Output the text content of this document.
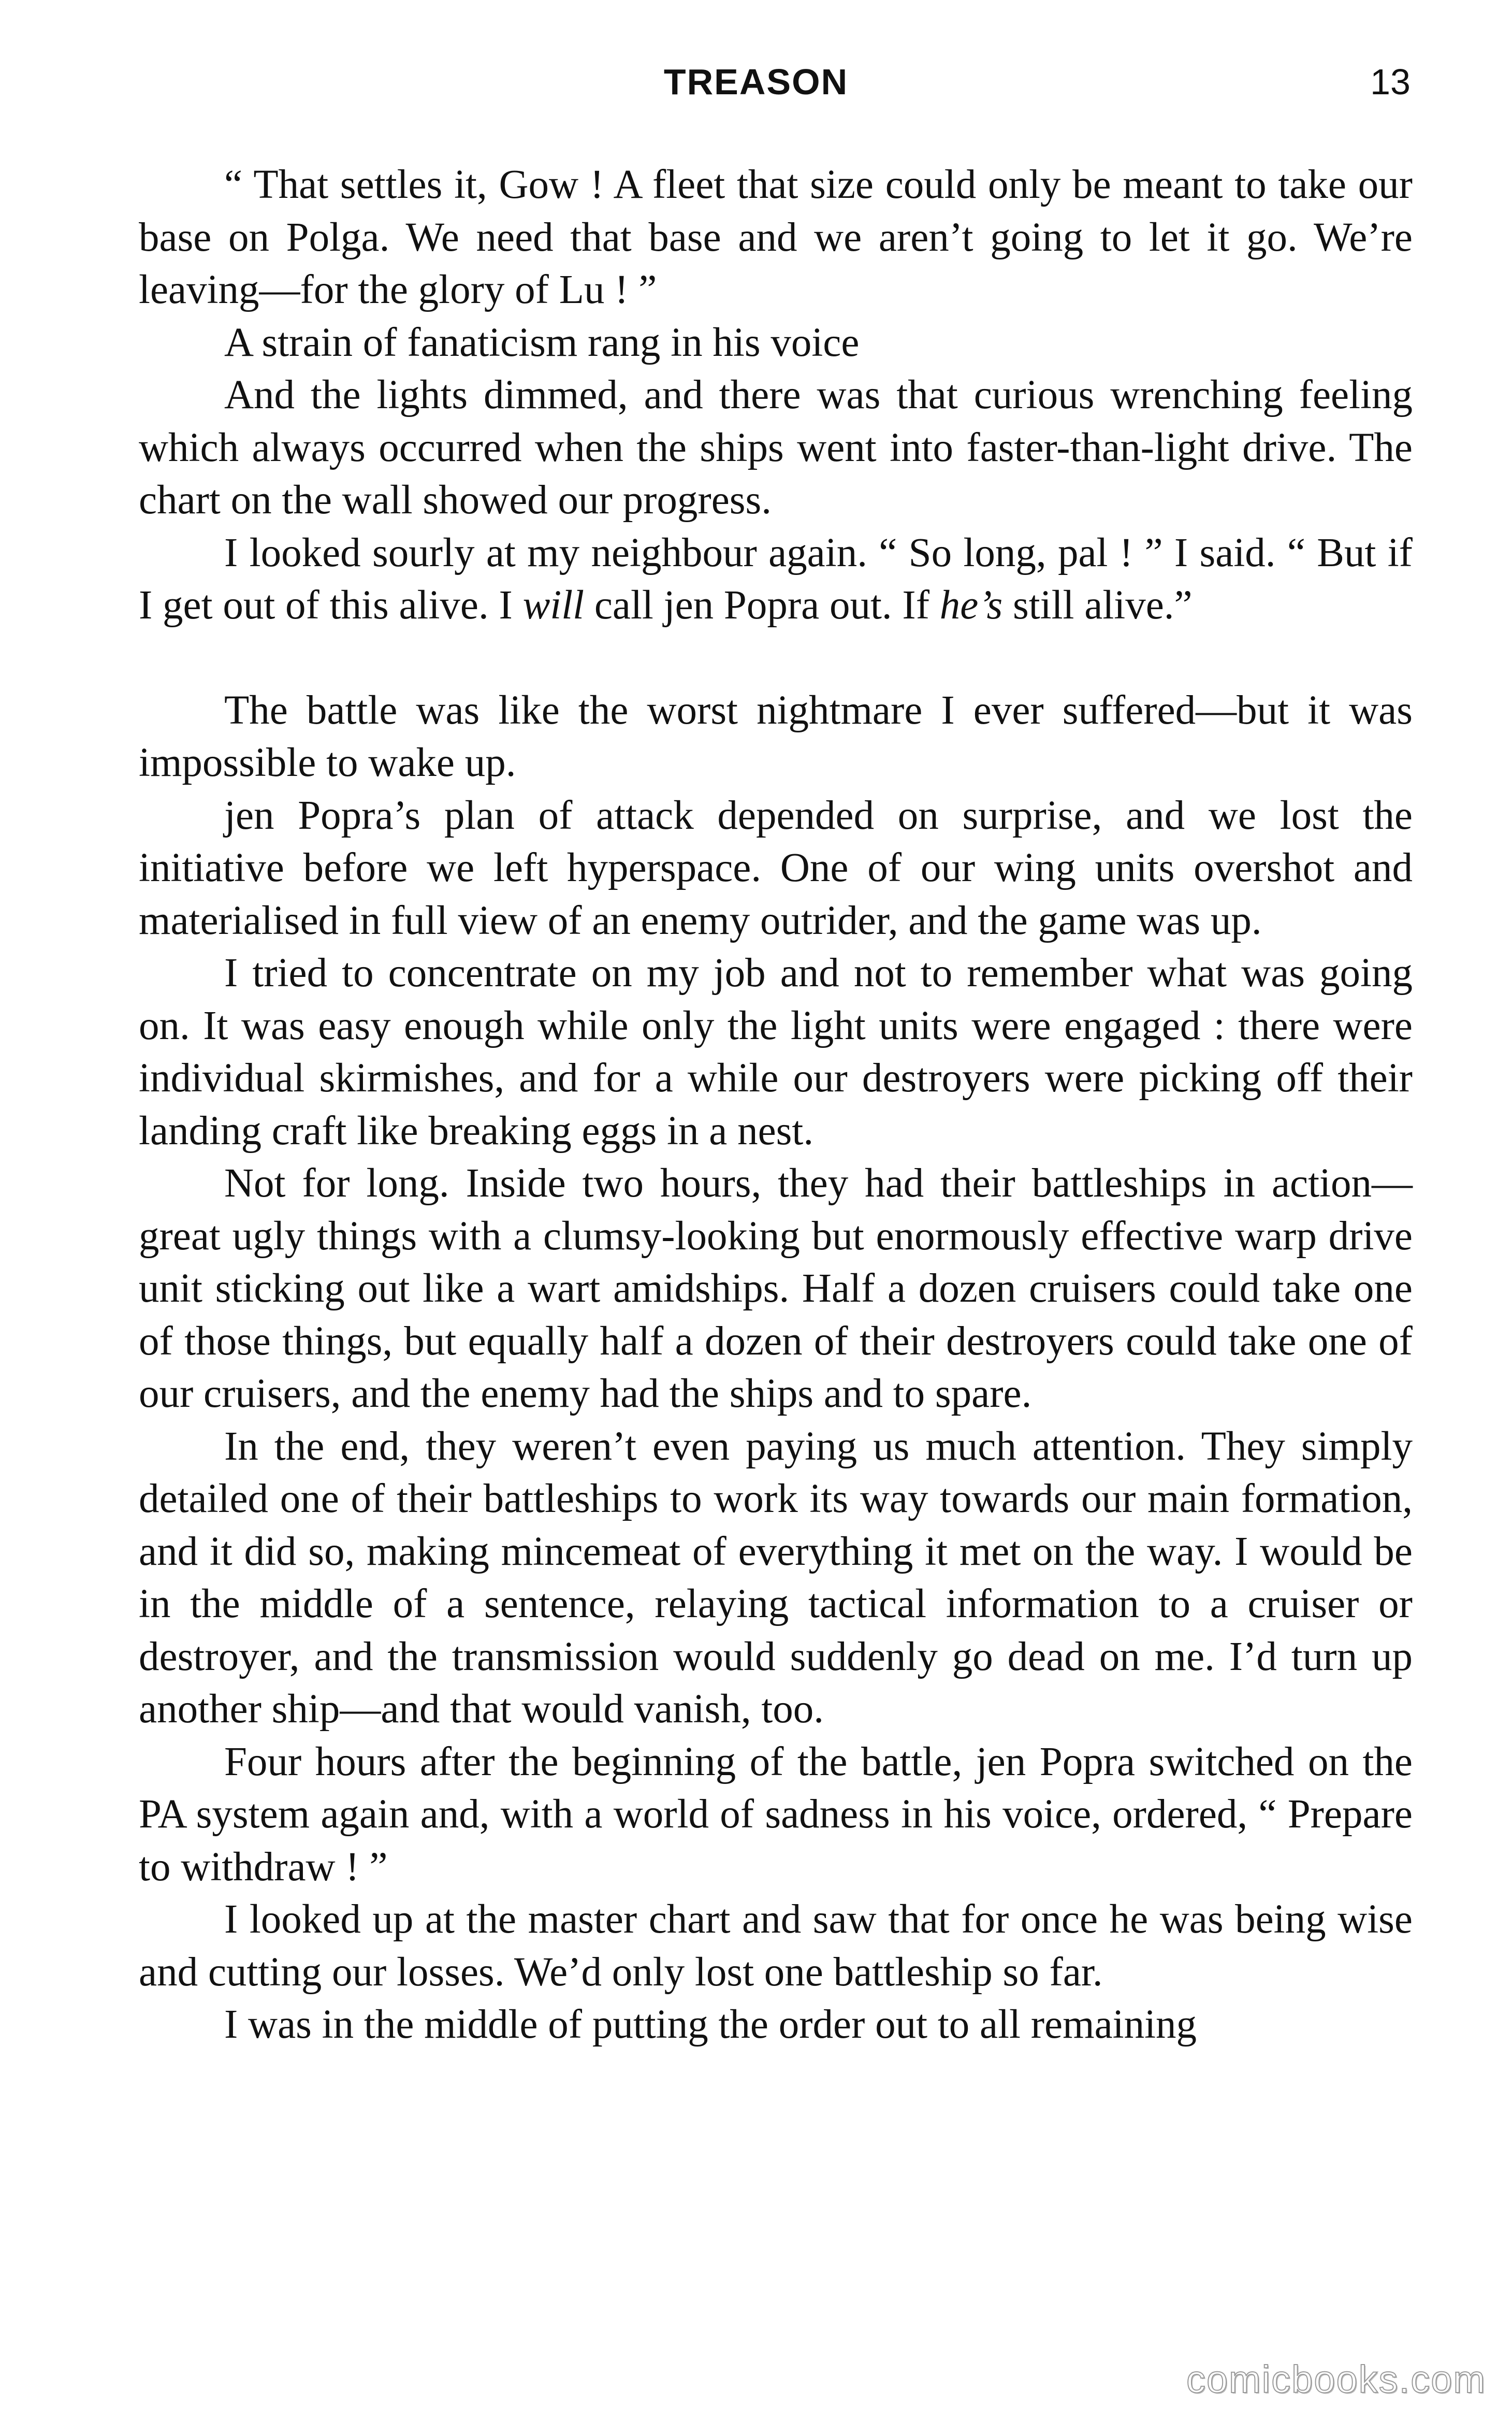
TREASON	13

“ That settles it, Gow ! A fleet that size could only be meant to take our base on Polga. We need that base and we aren’t going to let it go. We’re leaving—for the glory of Lu ! ”

A strain of fanaticism rang in his voice

And the lights dimmed, and there was that curious wrenching feeling which always occurred when the ships went into faster-than-light drive. The chart on the wall showed our progress.

I looked sourly at my neighbour again. “ So long, pal ! ” I said. “ But if I get out of this alive. I will call jen Popra out. If he’s still alive.”

The battle was like the worst nightmare I ever suffered—but it was impossible to wake up.

jen Popra’s plan of attack depended on surprise, and we lost the initiative before we left hyperspace. One of our wing units overshot and materialised in full view of an enemy outrider, and the game was up.

I tried to concentrate on my job and not to remember what was going on. It was easy enough while only the light units were engaged : there were individual skirmishes, and for a while our destroyers were picking off their landing craft like breaking eggs in a nest.

Not for long. Inside two hours, they had their battleships in action—great ugly things with a clumsy-looking but enormously effective warp drive unit sticking out like a wart amidships. Half a dozen cruisers could take one of those things, but equally half a dozen of their destroyers could take one of our cruisers, and the enemy had the ships and to spare.

In the end, they weren’t even paying us much attention. They simply detailed one of their battleships to work its way towards our main formation, and it did so, making mincemeat of everything it met on the way. I would be in the middle of a sentence, relaying tactical information to a cruiser or destroyer, and the transmission would suddenly go dead on me. I’d turn up another ship—and that would vanish, too.

Four hours after the beginning of the battle, jen Popra switched on the PA system again and, with a world of sadness in his voice, ordered, “ Prepare to withdraw ! ”

I looked up at the master chart and saw that for once he was being wise and cutting our losses. We’d only lost one battleship so far.

I was in the middle of putting the order out to all remaining

comicbooks.com
